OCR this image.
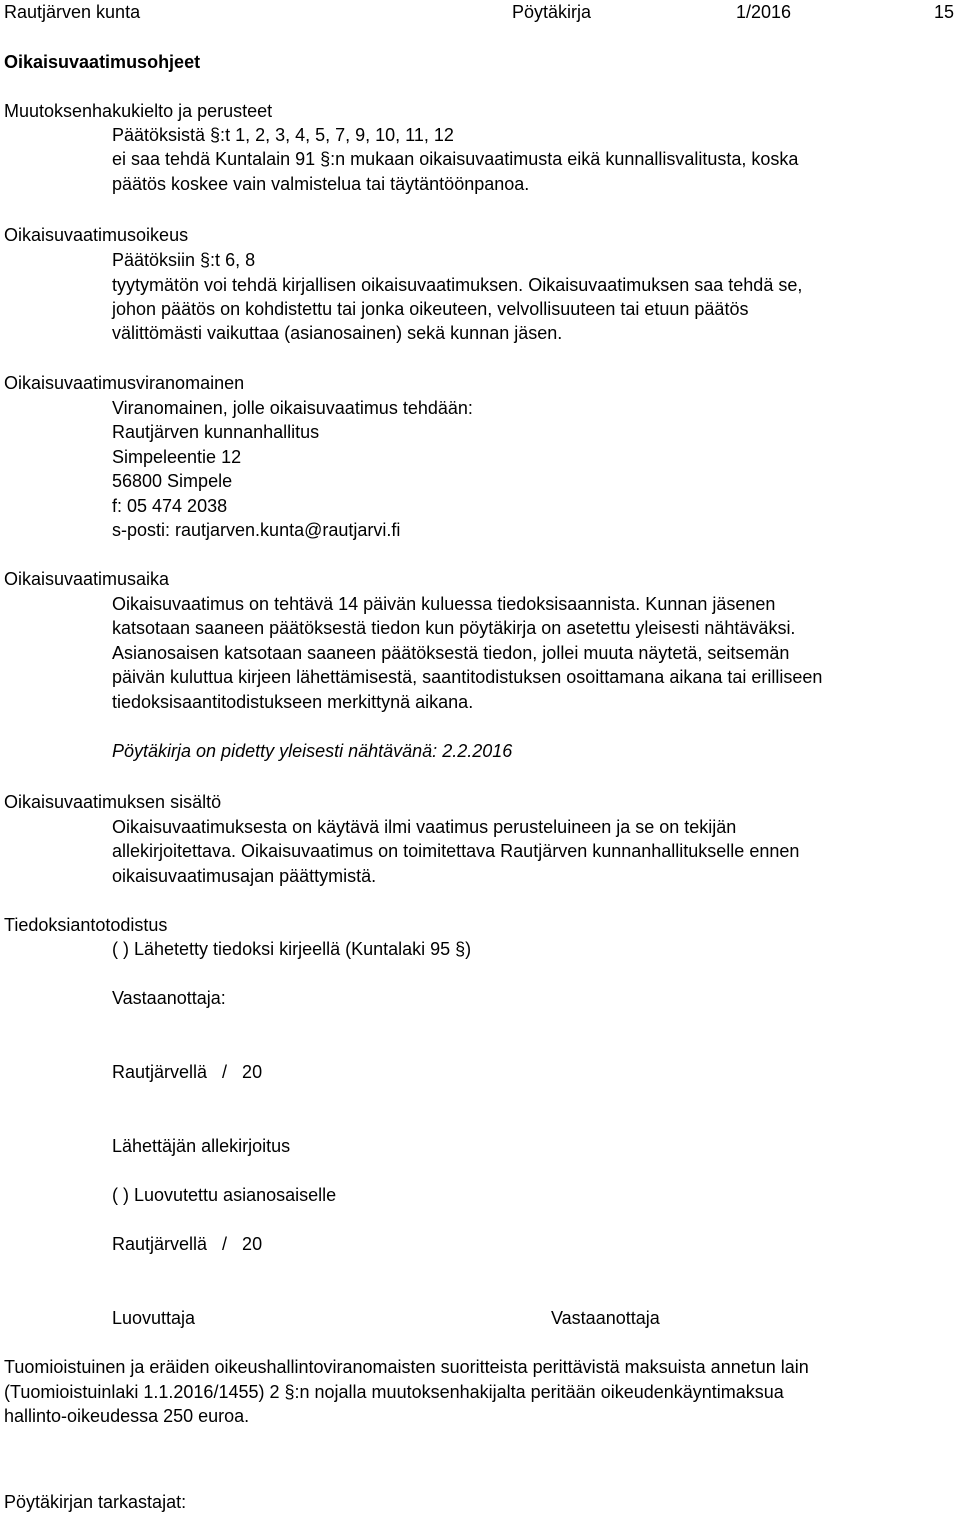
Rautjärven kunta	Pöytäkirja	1/2016	15
Oikaisuvaatimusohjeet
Muutoksenhakukielto ja perusteet
Päätöksistä §:t 1, 2, 3, 4, 5, 7, 9, 10, 11, 12
ei saa tehdä Kuntalain 91 §:n mukaan oikaisuvaatimusta eikä kunnallisvalitusta, koska
päätös koskee vain valmistelua tai täytäntöönpanoa.
Oikaisuvaatimusoikeus
Päätöksiin §:t 6, 8
tyytymätön voi tehdä kirjallisen oikaisuvaatimuksen. Oikaisuvaatimuksen saa tehdä se,
johon päätös on kohdistettu tai jonka oikeuteen, velvollisuuteen tai etuun päätös
välittömästi vaikuttaa (asianosainen) sekä kunnan jäsen.
Oikaisuvaatimusviranomainen
Viranomainen, jolle oikaisuvaatimus tehdään:
Rautjärven kunnanhallitus
Simpeleentie 12
56800 Simpele
f: 05 474 2038
s-posti: rautjarven.kunta@rautjarvi.fi
Oikaisuvaatimusaika
Oikaisuvaatimus on tehtävä 14 päivän kuluessa tiedoksisaannista. Kunnan jäsenen
katsotaan saaneen päätöksestä tiedon kun pöytäkirja on asetettu yleisesti nähtäväksi.
Asianosaisen katsotaan saaneen päätöksestä tiedon, jollei muuta näytetä, seitsemän
päivän kuluttua kirjeen lähettämisestä, saantitodistuksen osoittamana aikana tai erilliseen
tiedoksisaantitodistukseen merkittynä aikana.
Pöytäkirja on pidetty yleisesti nähtävänä: 2.2.2016
Oikaisuvaatimuksen sisältö
Oikaisuvaatimuksesta on käytävä ilmi vaatimus perusteluineen ja se on tekijän
allekirjoitettava. Oikaisuvaatimus on toimitettava Rautjärven kunnanhallitukselle ennen
oikaisuvaatimusajan päättymistä.
Tiedoksiantotodistus
( ) Lähetetty tiedoksi kirjeellä (Kuntalaki 95 §)
Vastaanottaja:
Rautjärvellä   /   20
Lähettäjän allekirjoitus
( ) Luovutettu asianosaiselle
Rautjärvellä   /   20
Luovuttaja	Vastaanottaja
Tuomioistuinen ja eräiden oikeushallintoviranomaisten suoritteista perittävistä maksuista annetun lain
(Tuomioistuinlaki 1.1.2016/1455) 2 §:n nojalla muutoksenhakijalta peritään oikeudenkäyntimaksua
hallinto-oikeudessa 250 euroa.
Pöytäkirjan tarkastajat:
